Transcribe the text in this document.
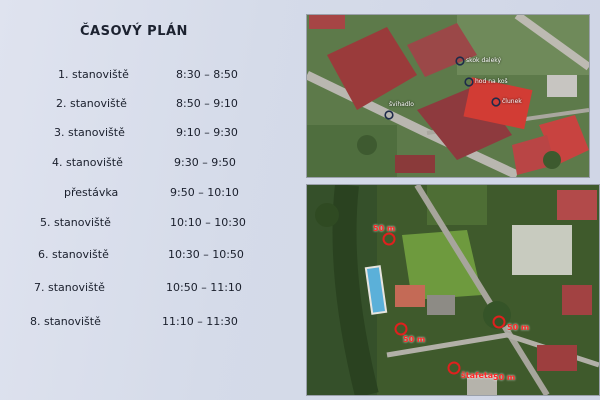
ČASOVÝ PLÁN
1. stanoviště	8:30 – 8:50
2. stanoviště	8:50 – 9:10
3. stanoviště	9:10 – 9:30
4. stanoviště	9:30 – 9:50
přestávka	9:50 – 10:10
5. stanoviště	10:10 – 10:30
6. stanoviště	10:30 – 10:50
7. stanoviště	10:50 – 11:10
8. stanoviště	11:10 – 11:30
skok daleký
hod na koš
švihadlo	člunek
50 m
50 m
50 m
štafeta 50 m
